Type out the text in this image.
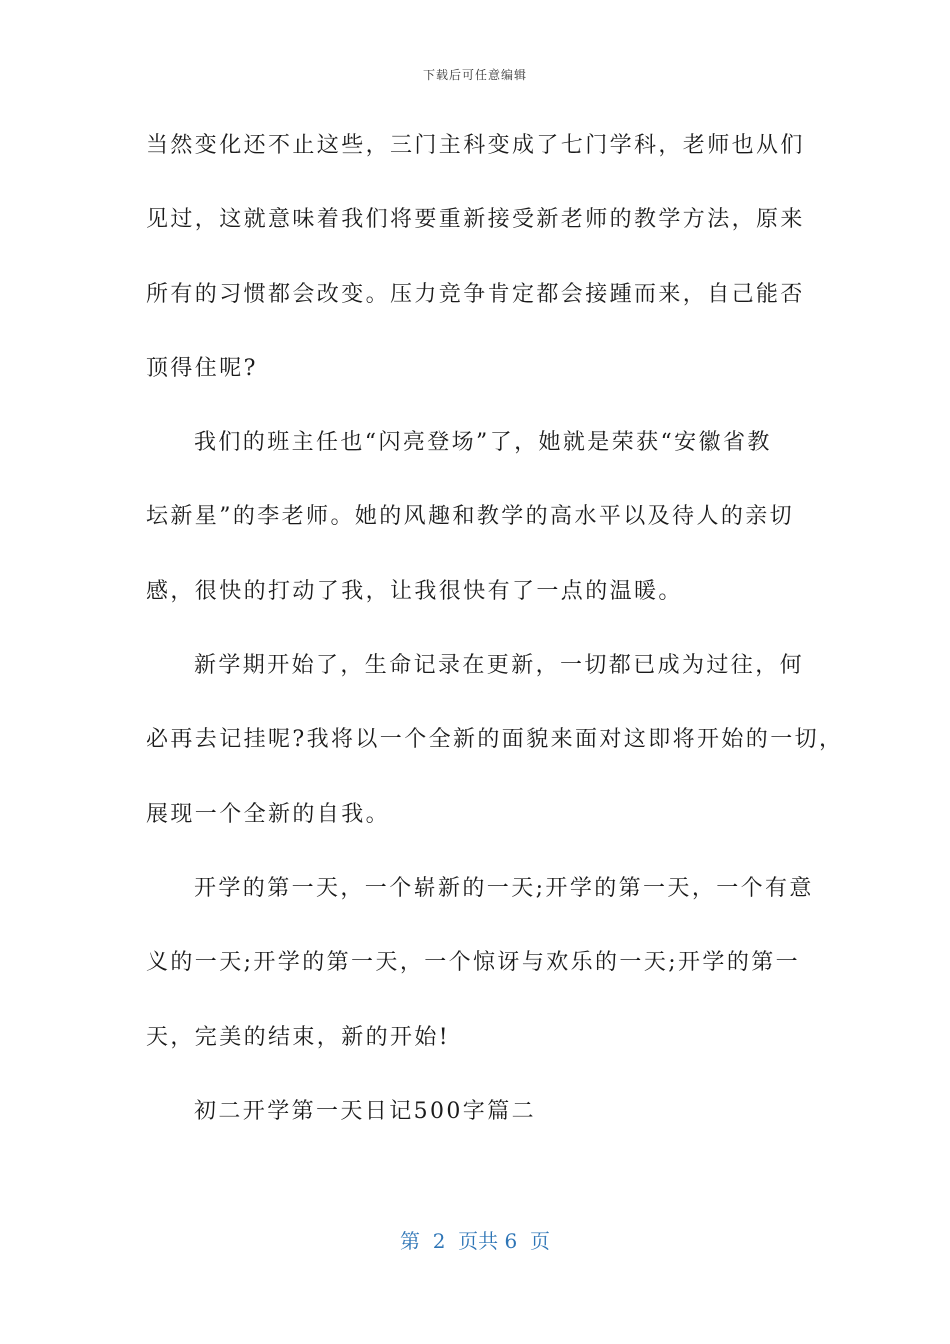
下载后可任意编辑
当然变化还不止这些，三门主科变成了七门学科，老师也从们
见过，这就意味着我们将要重新接受新老师的教学方法，原来
所有的习惯都会改变。压力竞争肯定都会接踵而来，自己能否
顶得住呢?
我们的班主任也“闪亮登场”了，她就是荣获“安徽省教
坛新星”的李老师。她的风趣和教学的高水平以及待人的亲切
感，很快的打动了我，让我很快有了一点的温暖。
新学期开始了，生命记录在更新，一切都已成为过往，何
必再去记挂呢?我将以一个全新的面貌来面对这即将开始的一切，
展现一个全新的自我。
开学的第一天，一个崭新的一天;开学的第一天，一个有意
义的一天;开学的第一天，一个惊讶与欢乐的一天;开学的第一
天，完美的结束，新的开始!
初二开学第一天日记500字篇二
第  2  页共 6  页
